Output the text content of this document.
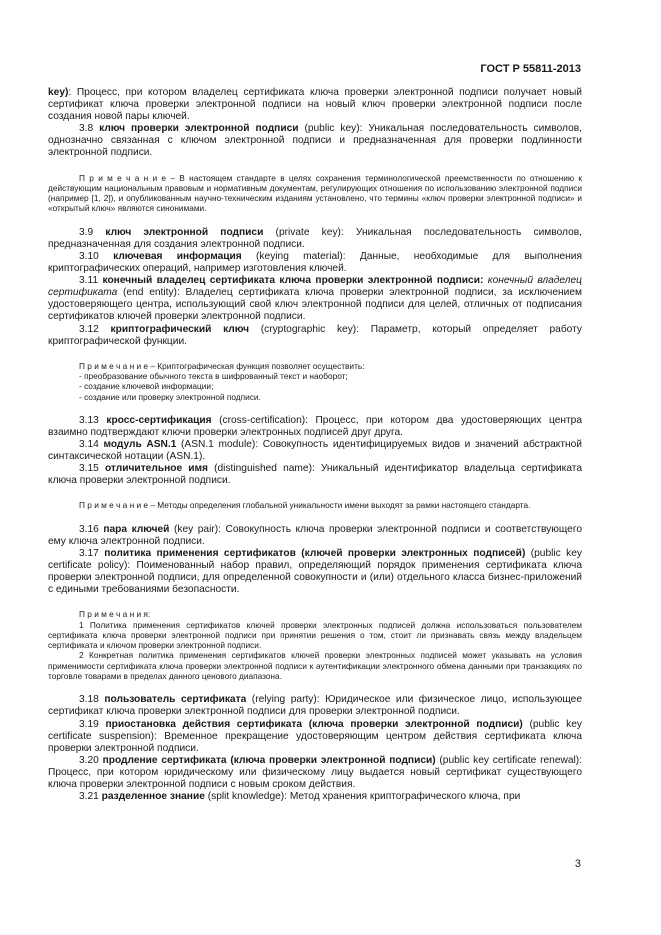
ГОСТ Р 55811-2013

key): Процесс, при котором владелец сертификата ключа проверки электронной подписи получает новый сертификат ключа проверки электронной подписи на новый ключ проверки электронной подписи после создания новой пары ключей.

3.8 ключ проверки электронной подписи (public key): Уникальная последовательность символов, однозначно связанная с ключом электронной подписи и предназначенная для проверки подлинности электронной подписи.

П р и м е ч а н и е – В настоящем стандарте в целях сохранения терминологической преемственности по отношению к действующим национальным правовым и нормативным документам, регулирующих отношения по использованию электронной подписи (например [1, 2]), и опубликованным научно-техническим изданиям установлено, что термины «ключ проверки электронной подписи» и «открытый ключ» являются синонимами.

3.9 ключ электронной подписи (private key): Уникальная последовательность символов, предназначенная для создания электронной подписи.

3.10 ключевая информация (keying material): Данные, необходимые для выполнения криптографических операций, например изготовления ключей.

3.11 конечный владелец сертификата ключа проверки электронной подписи: конечный владелец сертификата (end entity): Владелец сертификата ключа проверки электронной подписи, за исключением удостоверяющего центра, использующий свой ключ электронной подписи для целей, отличных от подписания сертификатов ключей проверки электронной подписи.

3.12 криптографический ключ (cryptographic key): Параметр, который определяет работу криптографической функции.

П р и м е ч а н и е – Криптографическая функция позволяет осуществить:

- преобразование обычного текста в шифрованный текст и наоборот;

- создание ключевой информации;

- создание или проверку электронной подписи.

3.13 кросс-сертификация (cross-certification): Процесс, при котором два удостоверяющих центра взаимно подтверждают ключи проверки электронных подписей друг друга.

3.14 модуль ASN.1 (ASN.1 module): Совокупность идентифицируемых видов и значений абстрактной синтаксической нотации (ASN.1).

3.15 отличительное имя (distinguished name): Уникальный идентификатор владельца сертификата ключа проверки электронной подписи.

П р и м е ч а н и е – Методы определения глобальной уникальности имени выходят за рамки настоящего стандарта.

3.16 пара ключей (key pair): Совокупность ключа проверки электронной подписи и соответствующего ему ключа электронной подписи.

3.17 политика применения сертификатов (ключей проверки электронных подписей) (public key certificate policy): Поименованный набор правил, определяющий порядок применения сертификата ключа проверки электронной подписи, для определенной совокупности и (или) отдельного класса бизнес-приложений с едиными требованиями безопасности.

П р и м е ч а н и я:

1 Политика применения сертификатов ключей проверки электронных подписей должна использоваться пользователем сертификата ключа проверки электронной подписи при принятии решения о том, стоит ли признавать связь между владельцем сертификата и ключом проверки электронной подписи.

2 Конкретная политика применения сертификатов ключей проверки электронных подписей может указывать на условия применимости сертификата ключа проверки электронной подписи к аутентификации электронного обмена данными при транзакциях по торговле товарами в пределах данного ценового диапазона.

3.18 пользователь сертификата (relying party): Юридическое или физическое лицо, использующее сертификат ключа проверки электронной подписи для проверки электронной подписи.

3.19 приостановка действия сертификата (ключа проверки электронной подписи) (public key certificate suspension): Временное прекращение удостоверяющим центром действия сертификата ключа проверки электронной подписи.

3.20 продление сертификата (ключа проверки электронной подписи) (public key certificate renewal): Процесс, при котором юридическому или физическому лицу выдается новый сертификат существующего ключа проверки электронной подписи с новым сроком действия.

3.21 разделенное знание (split knowledge): Метод хранения криптографического ключа, при

3
